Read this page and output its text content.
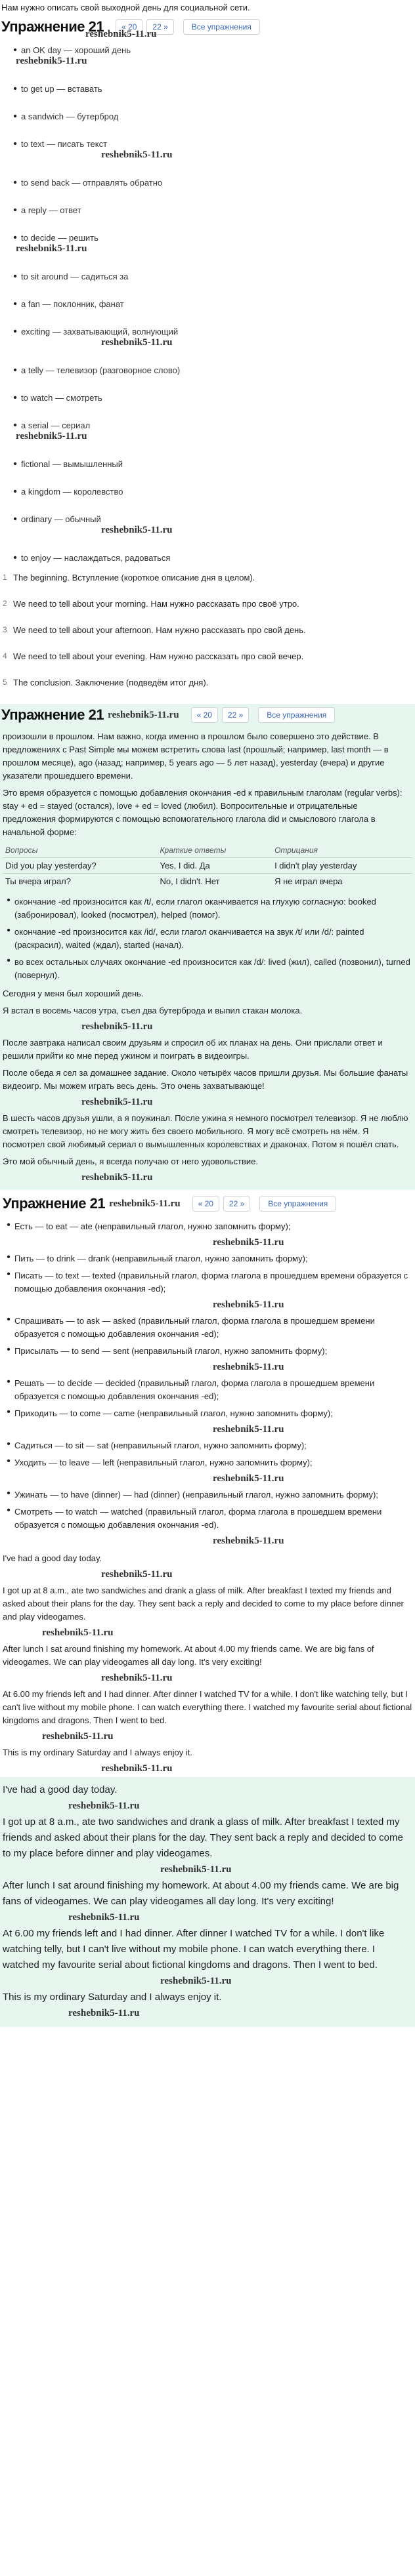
Нам нужно описать свой выходной день для социальной сети.
Упражнение 21	« 20	22 »	Все упражнения
reshebnik5-11.ru
• an OK day — хороший день
reshebnik5-11.ru
• to get up — вставать
• a sandwich — бутерброд
• to text — писать текст
reshebnik5-11.ru
• to send back — отправлять обратно
• a reply — ответ
• to decide — решить
reshebnik5-11.ru
• to sit around — садиться за
• a fan — поклонник, фанат
• exciting — захватывающий, волнующий
reshebnik5-11.ru
• a telly — телевизор (разговорное слово)
• to watch — смотреть
• a serial — сериал
reshebnik5-11.ru
• fictional — вымышленный
• a kingdom — королевство
• ordinary — обычный
reshebnik5-11.ru
• to enjoy — наслаждаться, радоваться
1 The beginning. Вступление (короткое описание дня в целом).
2 We need to tell about your morning. Нам нужно рассказать про своё утро.
3 We need to tell about your afternoon. Нам нужно рассказать про свой день.
4 We need to tell about your evening. Нам нужно рассказать про свой вечер.
5 The conclusion. Заключение (подведём итог дня).
Упражнение 21 reshebnik5-11.ru	« 20	22 »	Все упражнения

произошли в прошлом. Нам важно, когда именно в прошлом было совершено это действие. В предложениях с Past Simple мы можем встретить слова last (прошлый; например, last month — в прошлом месяце), ago (назад; например, 5 years ago — 5 лет назад), yesterday (вчера) и другие указатели прошедшего времени.

Это время образуется с помощью добавления окончания -ed к правильным глаголам (regular verbs): stay + ed = stayed (остался), love + ed = loved (любил). Вопросительные и отрицательные предложения формируются с помощью вспомогательного глагола did и смыслового глагола в начальной форме:

Вопросы	Краткие ответы	Отрицания
Did you play yesterday?	Yes, I did. Да	I didn't play yesterday
Ты вчера играл?	No, I didn't. Нет	Я не играл вчера
• окончание -ed произносится как /t/, если глагол оканчивается на глухую согласную: booked (забронировал), looked (посмотрел), helped (помог).
• окончание -ed произносится как /id/, если глагол оканчивается на звук /t/ или /d/: painted (раскрасил), waited (ждал), started (начал).
• во всех остальных случаях окончание -ed произносится как /d/: lived (жил), called (позвонил), turned (повернул).

Сегодня у меня был хороший день.

Я встал в восемь часов утра, съел два бутерброда и выпил стакан молока.

reshebnik5-11.ru

После завтрака написал своим друзьям и спросил об их планах на день. Они прислали ответ и решили прийти ко мне перед ужином и поиграть в видеоигры.

После обеда я сел за домашнее задание. Около четырёх часов пришли друзья. Мы большие фанаты видеоигр. Мы можем играть весь день. Это очень захватывающе!

reshebnik5-11.ru

В шесть часов друзья ушли, а я поужинал. После ужина я немного посмотрел телевизор. Я не люблю смотреть телевизор, но не могу жить без своего мобильного. Я могу всё смотреть на нём. Я посмотрел свой любимый сериал о вымышленных королевствах и драконах. Потом я пошёл спать.

Это мой обычный день, я всегда получаю от него удовольствие.

reshebnik5-11.ru
Упражнение 21 reshebnik5-11.ru	« 20	22 »	Все упражнения
• Есть — to eat — ate (неправильный глагол, нужно запомнить форму);
reshebnik5-11.ru
• Пить — to drink — drank (неправильный глагол, нужно запомнить форму);
• Писать — to text — texted (правильный глагол, форма глагола в прошедшем времени образуется с помощью добавления окончания -ed);
reshebnik5-11.ru
• Спрашивать — to ask — asked (правильный глагол, форма глагола в прошедшем времени образуется с помощью добавления окончания -ed);
• Присылать — to send — sent (неправильный глагол, нужно запомнить форму);
reshebnik5-11.ru
• Решать — to decide — decided (правильный глагол, форма глагола в прошедшем времени образуется с помощью добавления окончания -ed);
• Приходить — to come — came (неправильный глагол, нужно запомнить форму);
reshebnik5-11.ru
• Садиться — to sit — sat (неправильный глагол, нужно запомнить форму);
• Уходить — to leave — left (неправильный глагол, нужно запомнить форму);
reshebnik5-11.ru
• Ужинать — to have (dinner) — had (dinner) (неправильный глагол, нужно запомнить форму);
• Смотреть — to watch — watched (правильный глагол, форма глагола в прошедшем времени образуется с помощью добавления окончания -ed).
reshebnik5-11.ru

I've had a good day today.

reshebnik5-11.ru

I got up at 8 a.m., ate two sandwiches and drank a glass of milk. After breakfast I texted my friends and asked about their plans for the day. They sent back a reply and decided to come to my place before dinner and play videogames.

reshebnik5-11.ru

After lunch I sat around finishing my homework. At about 4.00 my friends came. We are big fans of videogames. We can play videogames all day long. It's very exciting!

reshebnik5-11.ru

At 6.00 my friends left and I had dinner. After dinner I watched TV for a while. I don't like watching telly, but I can't live without my mobile phone. I can watch everything there. I watched my favourite serial about fictional kingdoms and dragons. Then I went to bed.

reshebnik5-11.ru

This is my ordinary Saturday and I always enjoy it.

reshebnik5-11.ru

I've had a good day today.

reshebnik5-11.ru

I got up at 8 a.m., ate two sandwiches and drank a glass of milk. After breakfast I texted my friends and asked about their plans for the day. They sent back a reply and decided to come to my place before dinner and play videogames.

reshebnik5-11.ru

After lunch I sat around finishing my homework. At about 4.00 my friends came. We are big fans of videogames. We can play videogames all day long. It's very exciting!

reshebnik5-11.ru

At 6.00 my friends left and I had dinner. After dinner I watched TV for a while. I don't like watching telly, but I can't live without my mobile phone. I can watch everything there. I watched my favourite serial about fictional kingdoms and dragons. Then I went to bed.

reshebnik5-11.ru

This is my ordinary Saturday and I always enjoy it.

reshebnik5-11.ru
